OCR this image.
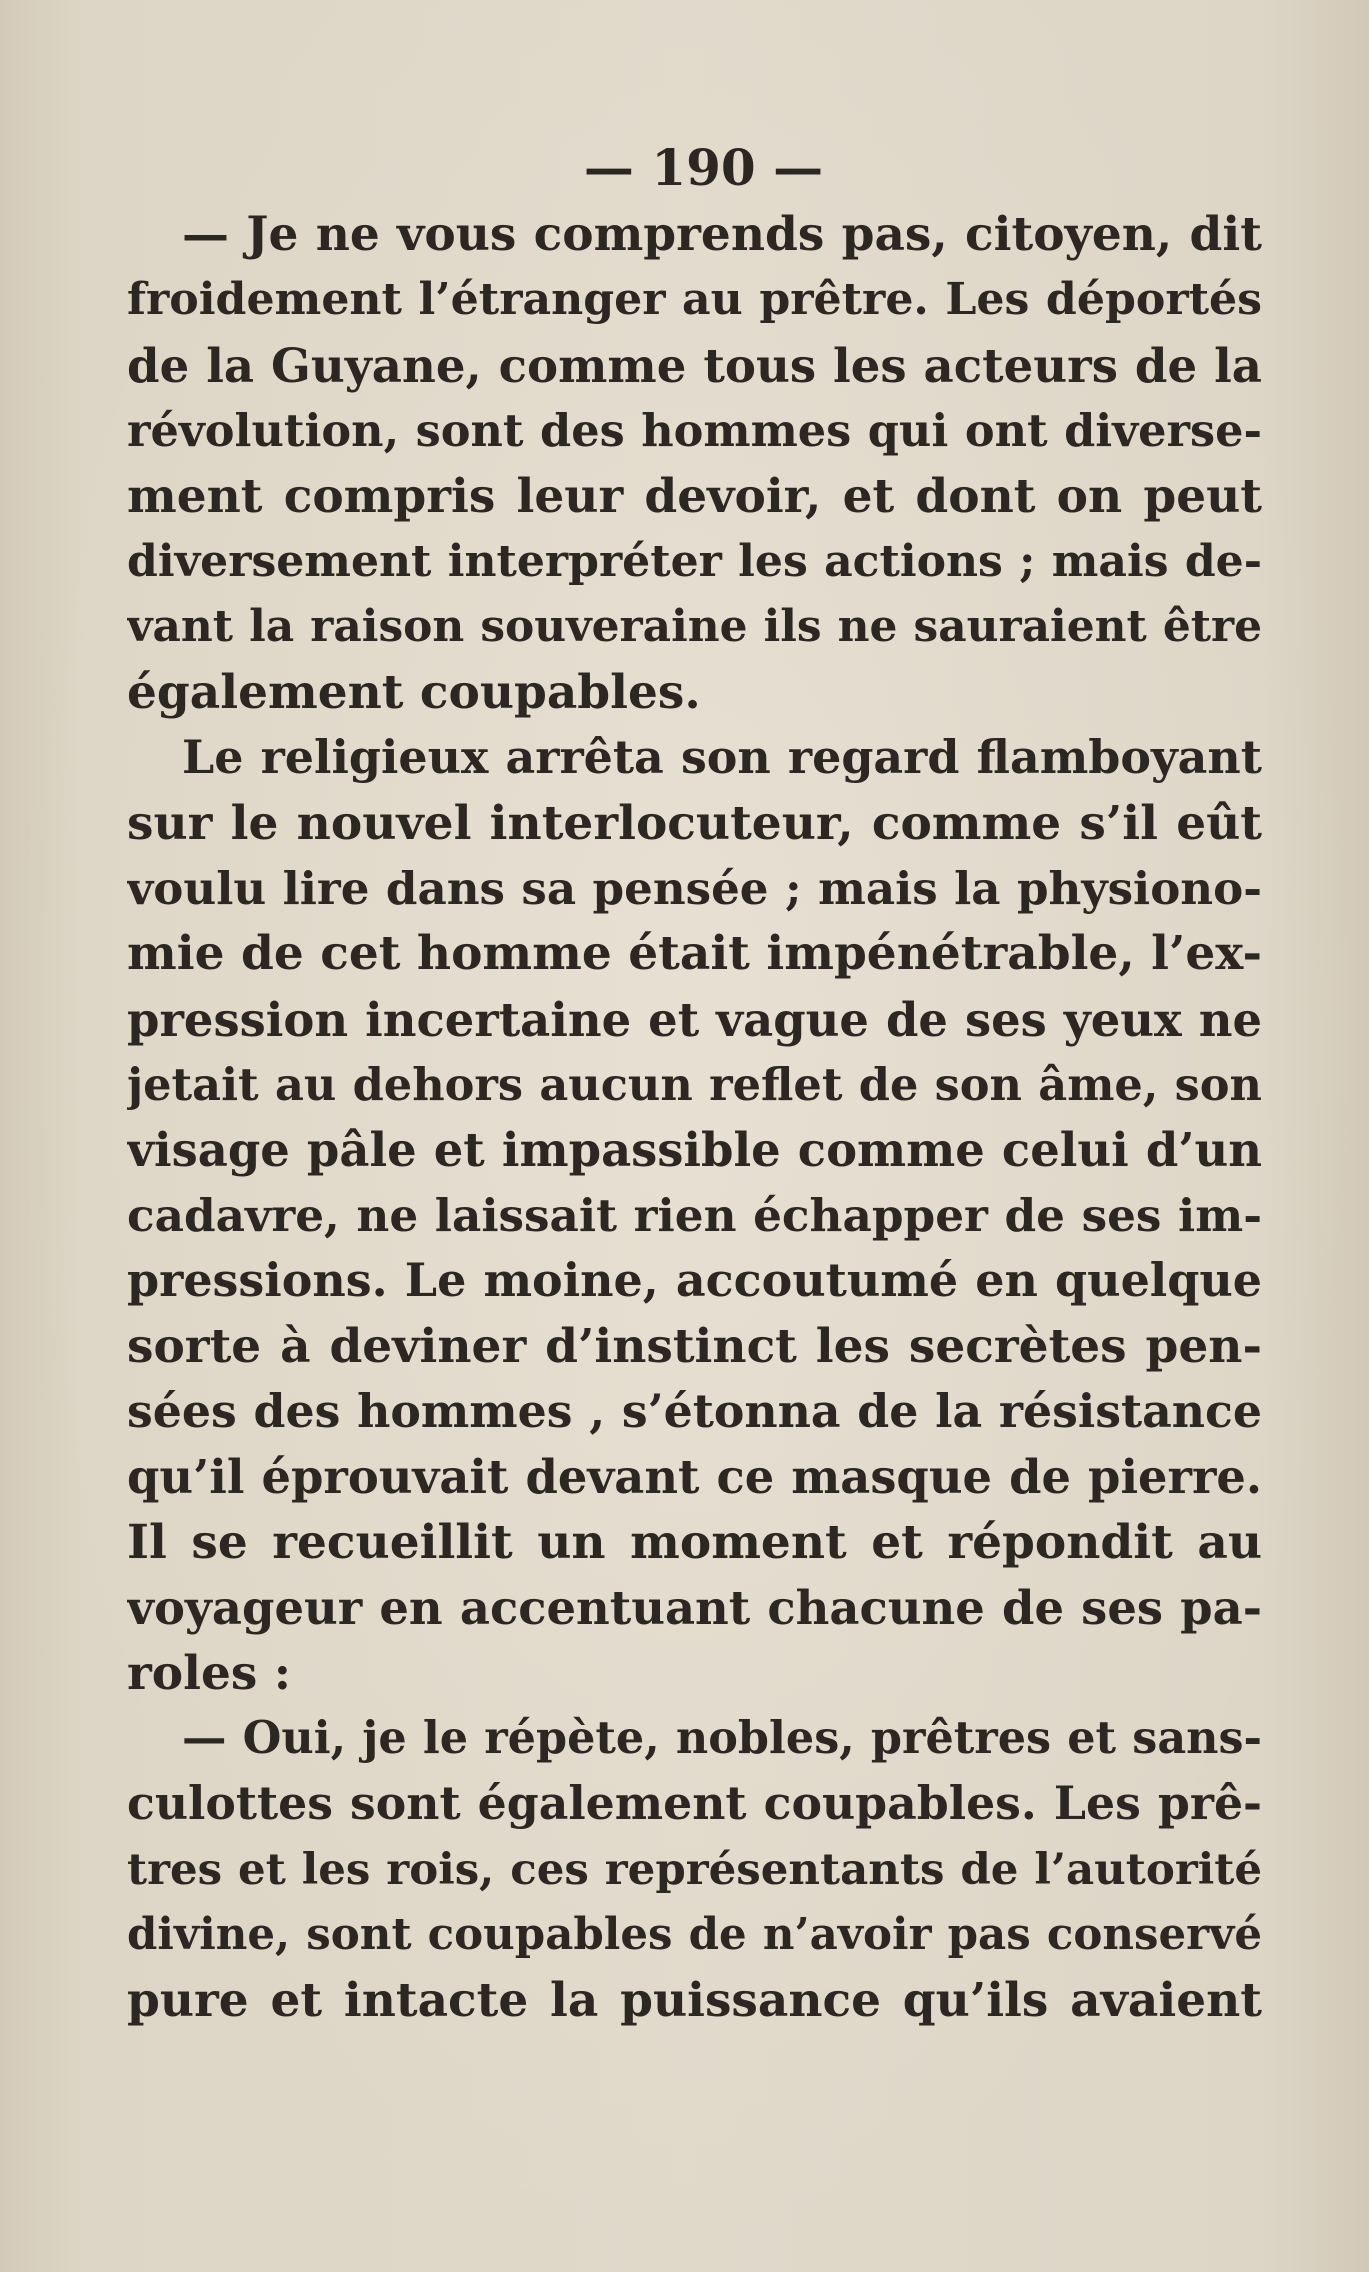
— 190 —
— Je ne vous comprends pas, citoyen, dit
froidement l’étranger au prêtre. Les déportés
de la Guyane, comme tous les acteurs de la
révolution, sont des hommes qui ont diverse-
ment compris leur devoir, et dont on peut
diversement interpréter les actions ; mais de-
vant la raison souveraine ils ne sauraient être
également coupables.
Le religieux arrêta son regard flamboyant
sur le nouvel interlocuteur, comme s’il eût
voulu lire dans sa pensée ; mais la physiono-
mie de cet homme était impénétrable, l’ex-
pression incertaine et vague de ses yeux ne
jetait au dehors aucun reflet de son âme, son
visage pâle et impassible comme celui d’un
cadavre, ne laissait rien échapper de ses im-
pressions. Le moine, accoutumé en quelque
sorte à deviner d’instinct les secrètes pen-
sées des hommes , s’étonna de la résistance
qu’il éprouvait devant ce masque de pierre.
Il se recueillit un moment et répondit au
voyageur en accentuant chacune de ses pa-
roles :
— Oui, je le répète, nobles, prêtres et sans-
culottes sont également coupables. Les prê-
tres et les rois, ces représentants de l’autorité
divine, sont coupables de n’avoir pas conservé
pure et intacte la puissance qu’ils avaient
